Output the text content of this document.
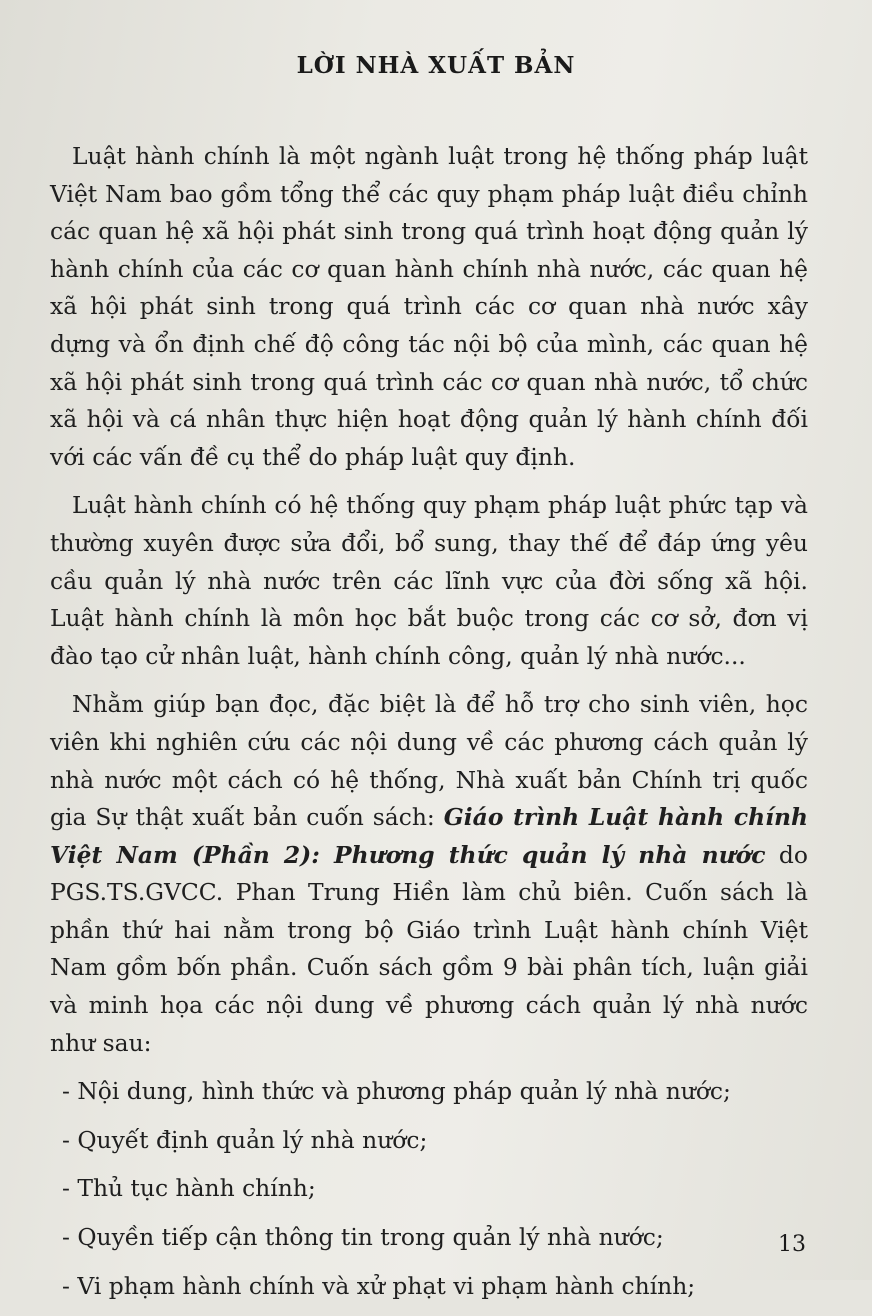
LỜI NHÀ XUẤT BẢN

Luật hành chính là một ngành luật trong hệ thống pháp luật Việt Nam bao gồm tổng thể các quy phạm pháp luật điều chỉnh các quan hệ xã hội phát sinh trong quá trình hoạt động quản lý hành chính của các cơ quan hành chính nhà nước, các quan hệ xã hội phát sinh trong quá trình các cơ quan nhà nước xây dựng và ổn định chế độ công tác nội bộ của mình, các quan hệ xã hội phát sinh trong quá trình các cơ quan nhà nước, tổ chức xã hội và cá nhân thực hiện hoạt động quản lý hành chính đối với các vấn đề cụ thể do pháp luật quy định.

Luật hành chính có hệ thống quy phạm pháp luật phức tạp và thường xuyên được sửa đổi, bổ sung, thay thế để đáp ứng yêu cầu quản lý nhà nước trên các lĩnh vực của đời sống xã hội. Luật hành chính là môn học bắt buộc trong các cơ sở, đơn vị đào tạo cử nhân luật, hành chính công, quản lý nhà nước...

Nhằm giúp bạn đọc, đặc biệt là để hỗ trợ cho sinh viên, học viên khi nghiên cứu các nội dung về các phương cách quản lý nhà nước một cách có hệ thống, Nhà xuất bản Chính trị quốc gia Sự thật xuất bản cuốn sách: Giáo trình Luật hành chính Việt Nam (Phần 2): Phương thức quản lý nhà nước do PGS.TS.GVCC. Phan Trung Hiền làm chủ biên. Cuốn sách là phần thứ hai nằm trong bộ Giáo trình Luật hành chính Việt Nam gồm bốn phần. Cuốn sách gồm 9 bài phân tích, luận giải và minh họa các nội dung về phương cách quản lý nhà nước như sau:

- Nội dung, hình thức và phương pháp quản lý nhà nước;
- Quyết định quản lý nhà nước;
- Thủ tục hành chính;
- Quyền tiếp cận thông tin trong quản lý nhà nước;
- Vi phạm hành chính và xử phạt vi phạm hành chính;
13
